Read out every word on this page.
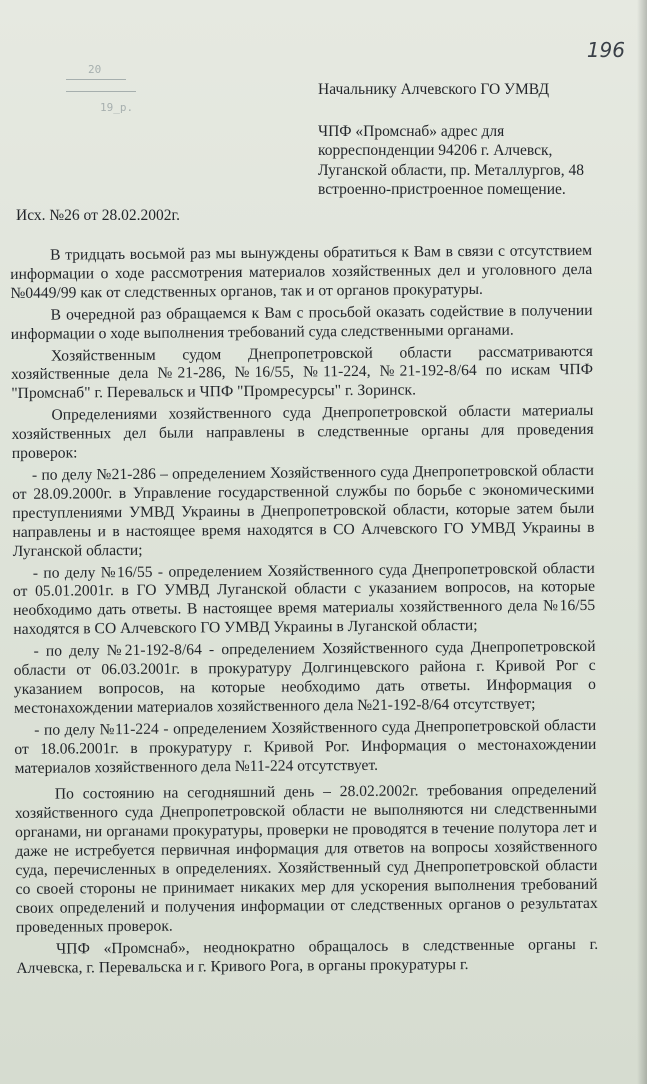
20
19_p.
196

Начальнику Алчевского ГО УМВД

ЧПФ «Промснаб» адрес для корреспонденции 94206 г. Алчевск, Луганской области, пр. Металлургов, 48 встроенно-пристроенное помещение.

Исх. №26 от 28.02.2002г.

В тридцать восьмой раз мы вынуждены обратиться к Вам в связи с отсутствием информации о ходе рассмотрения материалов хозяйственных дел и уголовного дела №0449/99 как от следственных органов, так и от органов прокуратуры.

В очередной раз обращаемся к Вам с просьбой оказать содействие в получении информации о ходе выполнения требований суда следственными органами.

Хозяйственным судом Днепропетровской области рассматриваются хозяйственные дела №21-286, №16/55, №11-224, №21-192-8/64 по искам ЧПФ "Промснаб" г. Перевальск и ЧПФ "Промресурсы" г. Зоринск.

Определениями хозяйственного суда Днепропетровской области материалы хозяйственных дел были направлены в следственные органы для проведения проверок:

- по делу №21-286 – определением Хозяйственного суда Днепропетровской области от 28.09.2000г. в Управление государственной службы по борьбе с экономическими преступлениями УМВД Украины в Днепропетровской области, которые затем были направлены и в настоящее время находятся в СО Алчевского ГО УМВД Украины в Луганской области;

- по делу №16/55 - определением Хозяйственного суда Днепропетровской области от 05.01.2001г. в ГО УМВД Луганской области с указанием вопросов, на которые необходимо дать ответы. В настоящее время материалы хозяйственного дела №16/55 находятся в СО Алчевского ГО УМВД Украины в Луганской области;

- по делу №21-192-8/64 - определением Хозяйственного суда Днепропетровской области от 06.03.2001г. в прокуратуру Долгинцевского района г. Кривой Рог с указанием вопросов, на которые необходимо дать ответы. Информация о местонахождении материалов хозяйственного дела №21-192-8/64 отсутствует;

- по делу №11-224 - определением Хозяйственного суда Днепропетровской области от 18.06.2001г. в прокуратуру г. Кривой Рог. Информация о местонахождении материалов хозяйственного дела №11-224 отсутствует.

По состоянию на сегодняшний день – 28.02.2002г. требования определений хозяйственного суда Днепропетровской области не выполняются ни следственными органами, ни органами прокуратуры, проверки не проводятся в течение полутора лет и даже не истребуется первичная информация для ответов на вопросы хозяйственного суда, перечисленных в определениях. Хозяйственный суд Днепропетровской области со своей стороны не принимает никаких мер для ускорения выполнения требований своих определений и получения информации от следственных органов о результатах проведенных проверок.

ЧПФ «Промснаб», неоднократно обращалось в следственные органы г. Алчевска, г. Перевальска и г. Кривого Рога, в органы прокуратуры г.
